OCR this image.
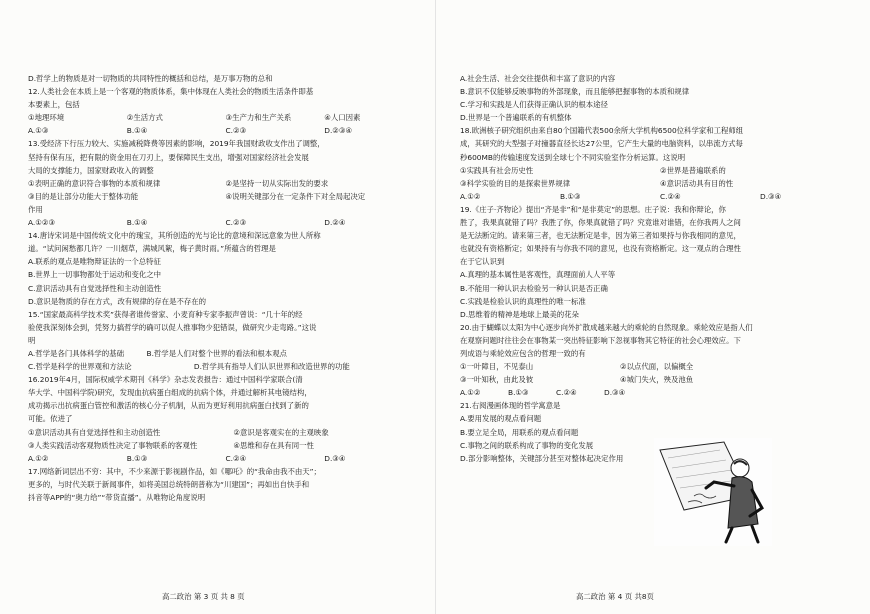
D.哲学上的物质是对一切物质的共同特性的概括和总结，是万事万物的总和
12.人类社会在本质上是一个客观的物质体系，集中体现在人类社会的物质生活条件即基
本要素上，包括
①地理环境	②生活方式	③生产力和生产关系	④人口因素
A.①③	B.①④	C.②③	D.②③④
13.受经济下行压力较大、实施减税降费等因素的影响，2019年我国财政收支作出了调整，
坚持有保有压，把有限的资金用在刀刃上，要保障民生支出，增强对国家经济社会发展
大局的支撑能力，国家财政收入的调整
①表明正确的意识符合事物的本质和规律	②是坚持一切从实际出发的要求
③目的是让部分功能大于整体功能	④说明关键部分在一定条件下对全局起决定
作用
A.①②③	B.①④	C.②③	D.②④
14.唐诗宋词是中国传统文化中的瑰宝，其所创造的光与论比的意境和深远意象为世人所称
道。“试问闲愁都几许？一川烟草，满城风絮，梅子黄时雨。”所蕴含的哲理是
A.联系的观点是唯物辩证法的一个总特征
B.世界上一切事物都处于运动和变化之中
C.意识活动具有自觉选择性和主动创造性
D.意识是物质的存在方式，改有规律的存在是不存在的
15.“国家最高科学技术奖”获得者谁传誉家、小麦育种专家李振声曾说：“几十年的经
验使我深刻体会到，凭努力搞哲学的确可以促人推事物少犯错误，做研究少走弯路。”这说
明
A.哲学是各门具体科学的基础	B.哲学是人们对整个世界的看法和根本观点
C.哲学是科学的世界观和方法论	D.哲学具有指导人们认识世界和改造世界的功能
16.2019年4月，国际权威学术期刊《科学》杂志发表报告：通过中国科学家联合(清
华大学、中国科学院)研究，发现血抗病蛋白组成的抗病个体，并通过解析其电镜结构，
成功揭示出抗病蛋白管控和激活的核心分子机制，从而为更好利用抗病蛋白找到了新的
可能。依进了
①意识活动具有自觉选择性和主动创造性	②意识是客观实在的主观映象
③人类实践活动客观物质性决定了事物联系的客观性	④思维和存在具有同一性
A.①②	B.①③	C.②④	D.③④
17.网络新词层出不穷：其中，不少来源于影视剧作品，如《哪吒》的“我命由我不由天”；
更多的，与时代关联于新闻事件，如将美国总统特朗普称为“川建国”；再如出自快手和
抖音等APP的“奥力给”“带货直播”。从唯物论角度说明
高二政治 第 3 页 共 8 页
A.社会生活、社会交往提供和丰富了意识的内容
B.意识不仅能够反映事物的外部现象，而且能够把握事物的本质和规律
C.学习和实践是人们获得正确认识的根本途径
D.世界是一个普遍联系的有机整体
18.欧洲核子研究组织由来自80个国籍代表500余所大学机构6500位科学家和工程师组
成，其研究的大型强子对撞器直径长达27公里，它产生大量的电脑资料，以串流方式每
秒600MB的传输速度发送到全球七个不同实验室作分析运算。这说明
①实践具有社会历史性	②世界是普遍联系的
③科学实验的目的是探索世界规律	④意识活动具有目的性
A.①②	B.①③	C.②④	D.③④
19.《庄子·齐物论》提出“齐是非”和“是非莫定”的思想。庄子说：我和你辩论，你
胜了，我果真就错了吗？我胜了你，你果真就错了吗？究竟谁对谁错，在你我两人之间
是无法断定的。请来第三者，也无法断定是非，因为第三者如果持与你我相同的意见，
也就没有资格断定；如果持有与你我不同的意见，也没有资格断定。这一观点的合理性
在于它认识到
A.真理的基本属性是客观性，真理面前人人平等
B.不能用一种认识去检验另一种认识是否正确
C.实践是检验认识的真理性的唯一标准
D.思维着的精神是地球上最美的花朵
20.由于蝴蝶以太阳为中心逐步向外扩散成越来越大的乘轮的自然现象。乘轮效应是指人们
在观察问题时往往会在事物某一突出特征影响下忽视事物其它特征的社会心理效应。下
列成语与乘轮效应包含的哲理一致的有
①一叶障目，不见泰山	②以点代面，以偏概全
③一叶知秋，由此及彼	④城门失火，殃及池鱼
A.①②	B.①③	C.②④	D.③④
21.右阅漫画体现的哲学寓意是
A.要用发展的观点看问题
B.要立足全局，用联系的观点看问题
C.事物之间的联系构成了事物的变化发展
D.部分影响整体，关键部分甚至对整体起决定作用
高二政治 第 4 页 共8页
